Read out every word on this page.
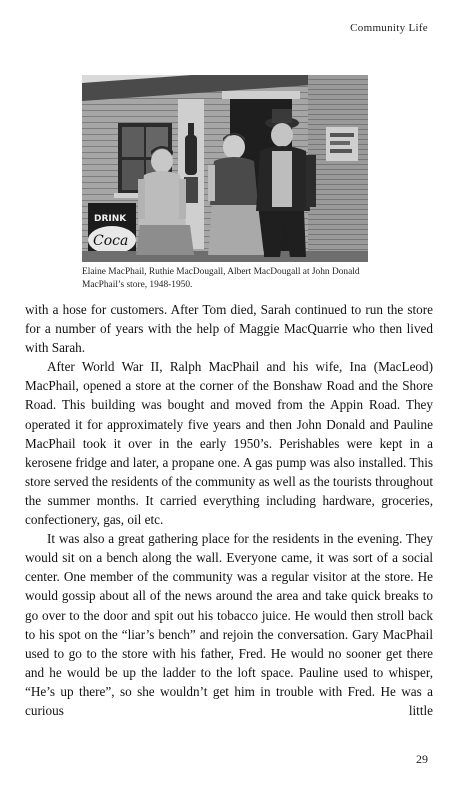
Community Life
DRINK
Coca
Elaine MacPhail, Ruthie MacDougall, Albert MacDougall at John Donald MacPhail’s store, 1948-1950.

with a hose for customers. After Tom died, Sarah continued to run the store for a number of years with the help of Maggie MacQuarrie who then lived with Sarah.

After World War II, Ralph MacPhail and his wife, Ina (MacLeod) MacPhail, opened a store at the corner of the Bonshaw Road and the Shore Road. This building was bought and moved from the Appin Road. They operated it for approximately five years and then John Donald and Pauline MacPhail took it over in the early 1950’s. Perishables were kept in a kerosene fridge and later, a propane one. A gas pump was also installed. This store served the residents of the community as well as the tourists throughout the summer months. It carried everything including hardware, groceries, confectionery, gas, oil etc.

It was also a great gathering place for the residents in the evening. They would sit on a bench along the wall. Everyone came, it was sort of a social center. One member of the community was a regular visitor at the store. He would gossip about all of the news around the area and take quick breaks to go over to the door and spit out his tobacco juice. He would then stroll back to his spot on the “liar’s bench” and rejoin the conversation. Gary MacPhail used to go to the store with his father, Fred. He would no sooner get there and he would be up the ladder to the loft space. Pauline used to whisper, “He’s up there”, so she wouldn’t get him in trouble with Fred. He was a curious little

29
